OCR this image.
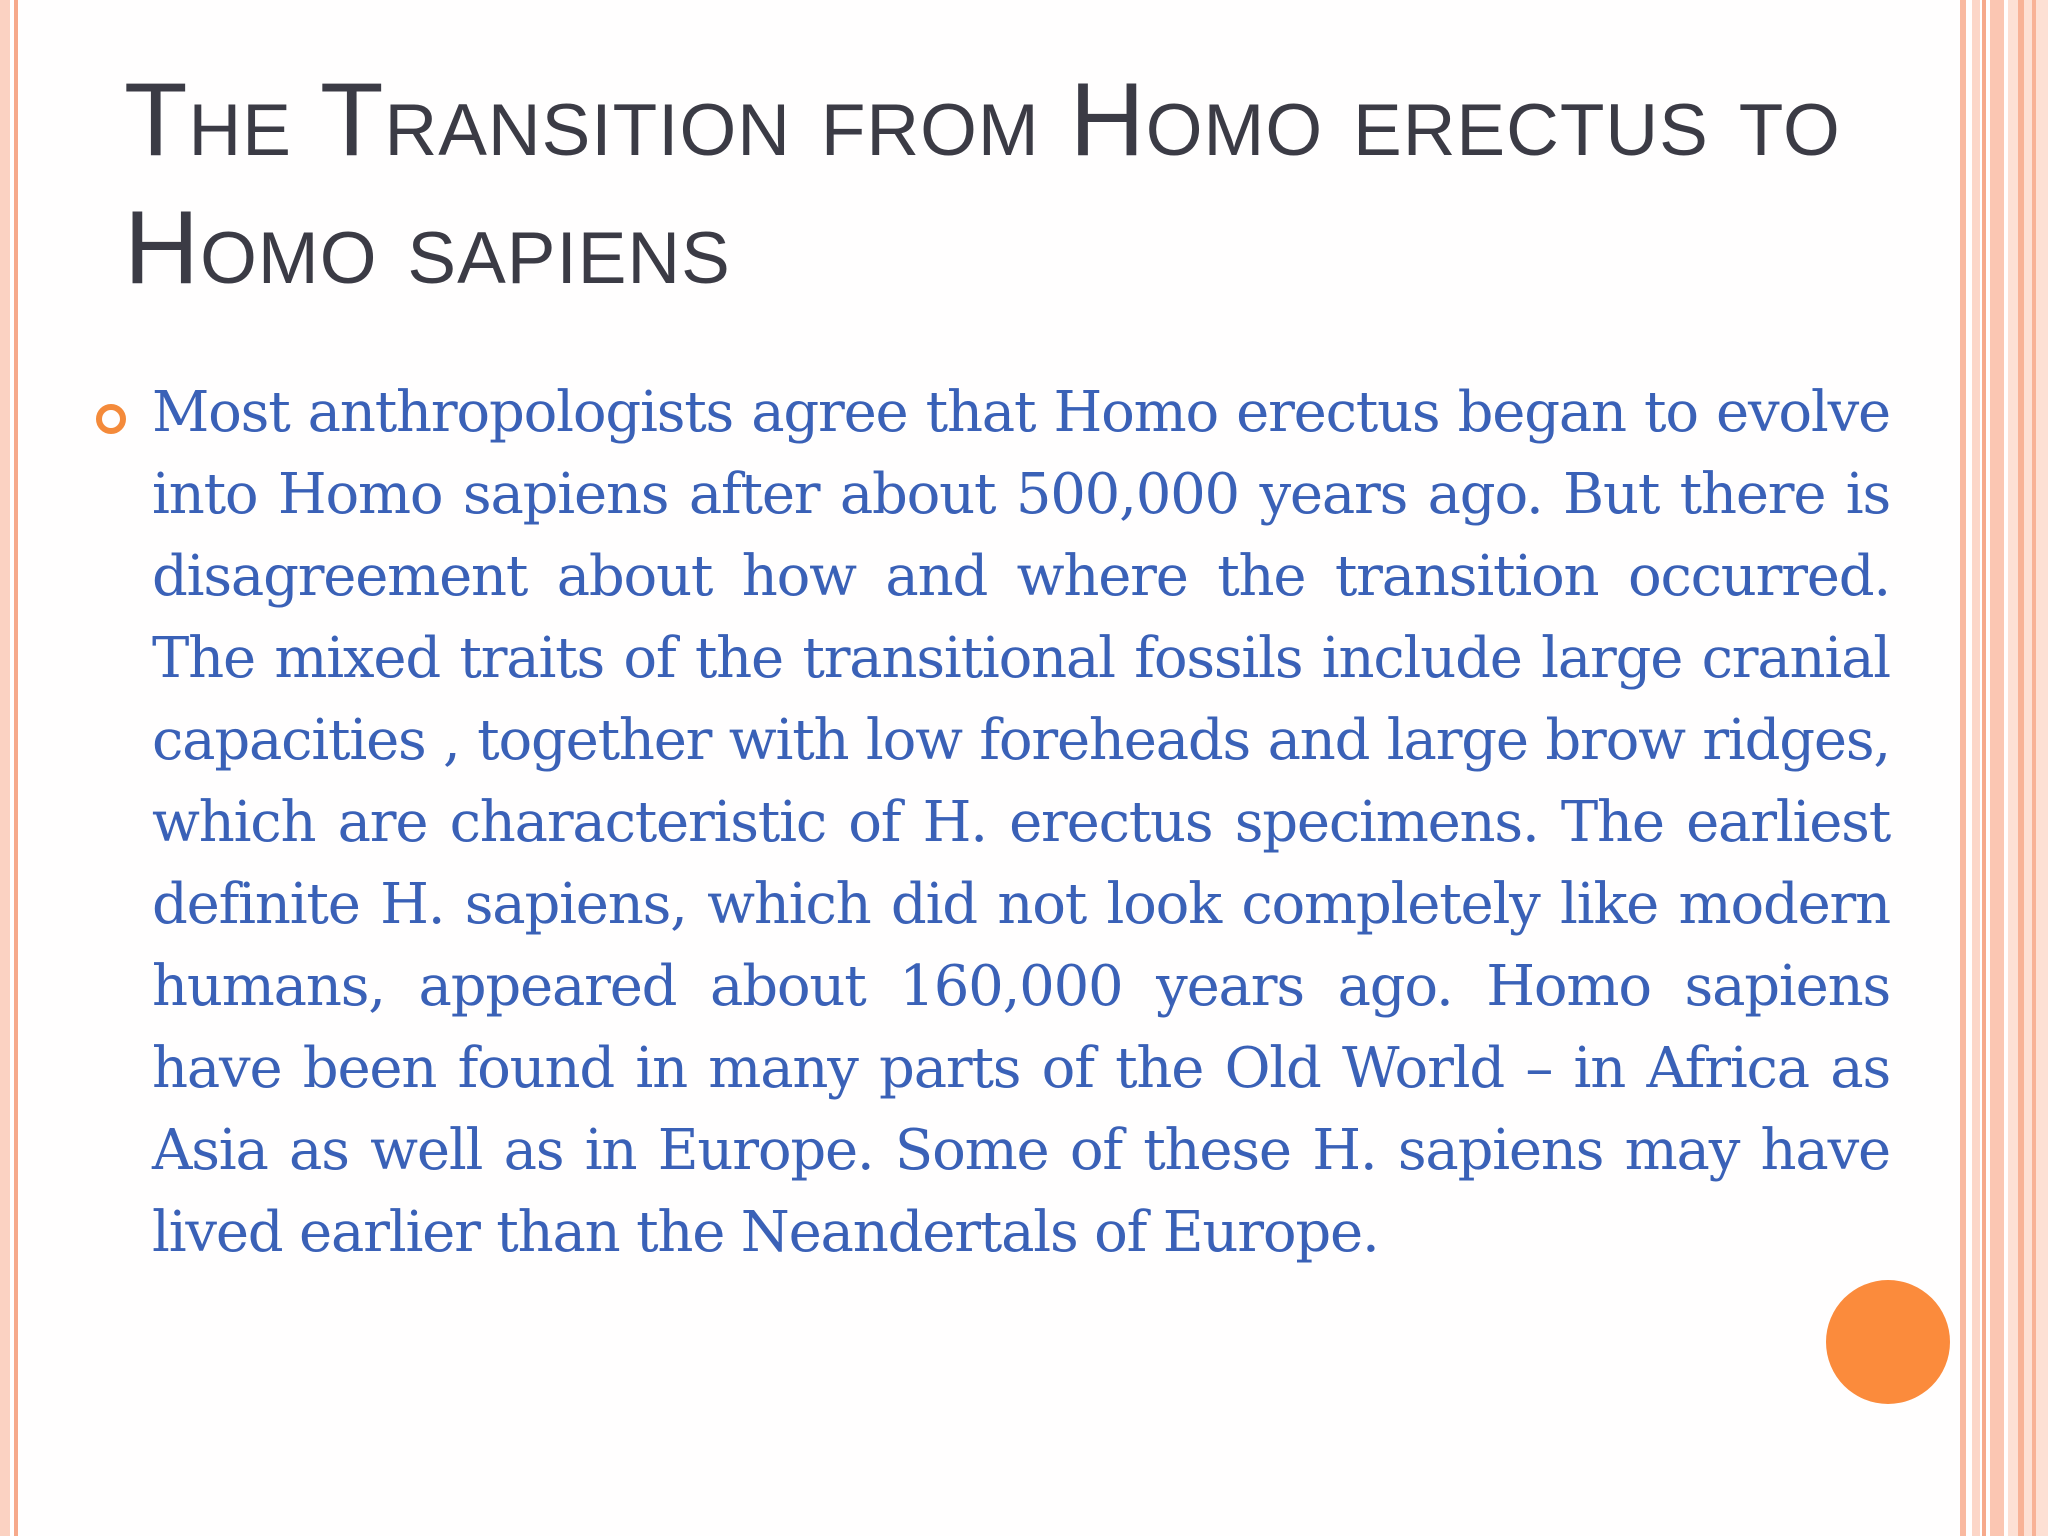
The Transition from Homo erectus to Homo sapiens

Most anthropologists agree that Homo erectus began to evolve into Homo sapiens after about 500,000 years ago. But there is disagreement about how and where the transition occurred. The mixed traits of the transitional fossils include large cranial capacities , together with low foreheads and large brow ridges, which are characteristic of H. erectus specimens. The earliest definite H. sapiens, which did not look completely like modern humans, appeared about 160,000 years ago. Homo sapiens have been found in many parts of the Old World – in Africa as Asia as well as in Europe. Some of these H. sapiens may have lived earlier than the Neandertals of Europe.
